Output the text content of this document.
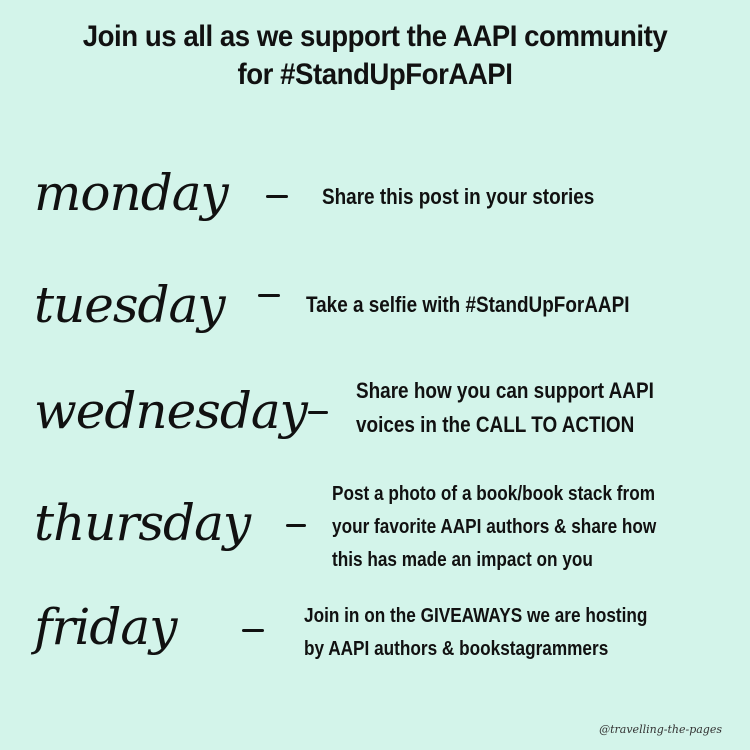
Join us all as we support the AAPI community
for #StandUpForAAPI
monday	Share this post in your stories
tuesday	Take a selfie with #StandUpForAAPI
wednesday Share how you can support AAPI
voices in the CALL TO ACTION
thursday	Post a photo of a book/book stack from
your favorite AAPI authors & share how
this has made an impact on you
friday	Join in on the GIVEAWAYS we are hosting
by AAPI authors & bookstagrammers
@travelling-the-pages
